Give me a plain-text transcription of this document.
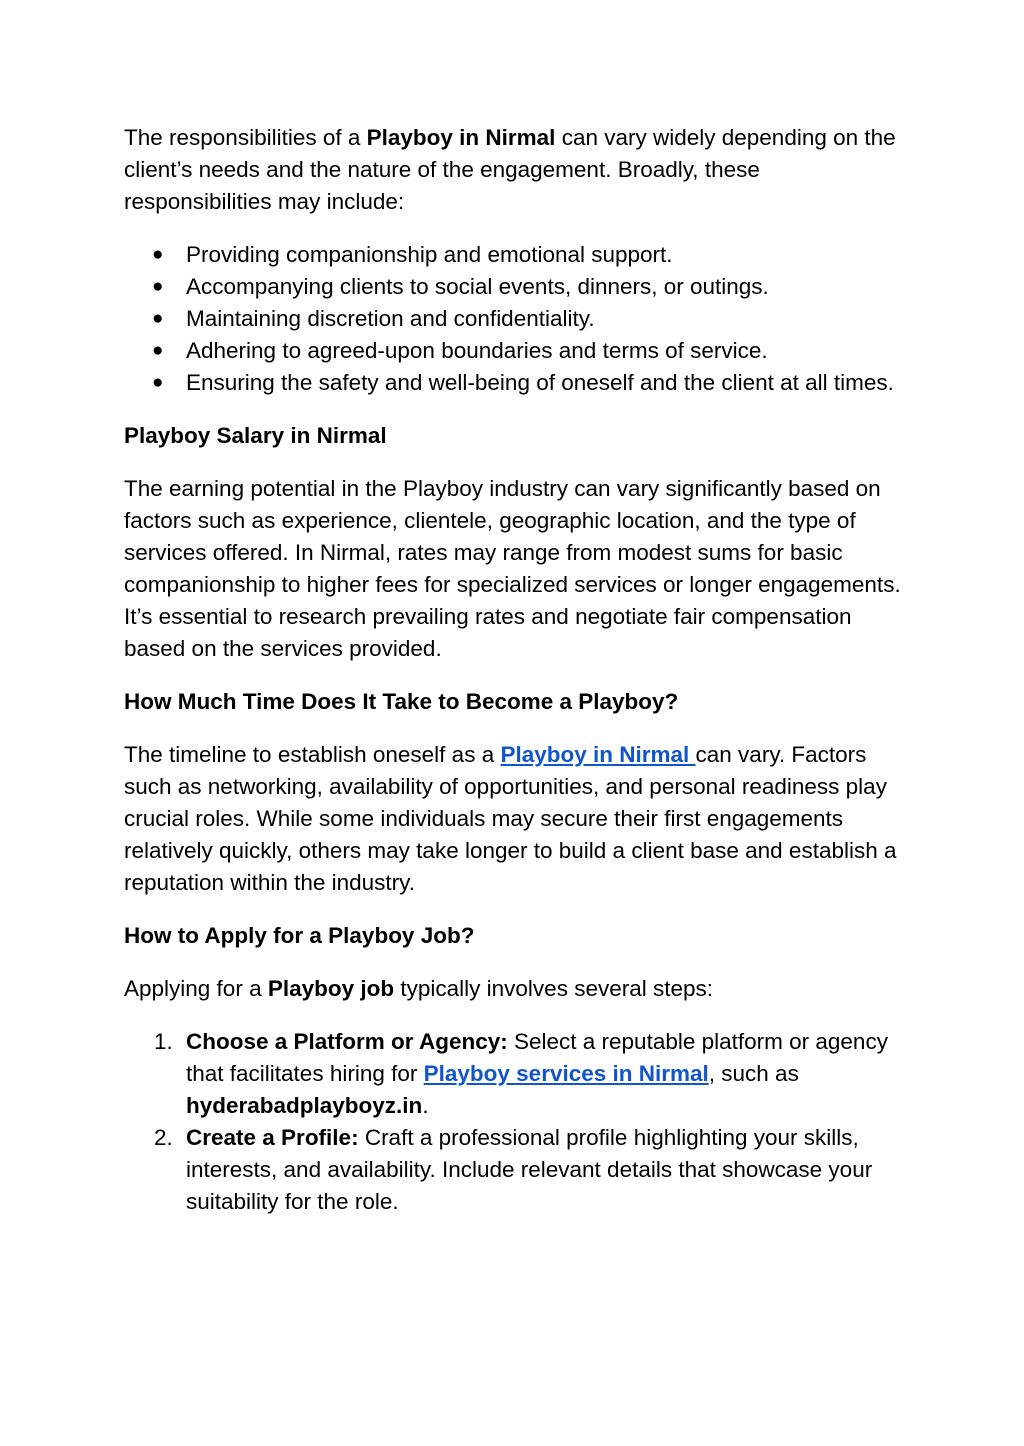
The responsibilities of a Playboy in Nirmal can vary widely depending on the client’s needs and the nature of the engagement. Broadly, these responsibilities may include:

● Providing companionship and emotional support.
● Accompanying clients to social events, dinners, or outings.
● Maintaining discretion and confidentiality.
● Adhering to agreed-upon boundaries and terms of service.
● Ensuring the safety and well-being of oneself and the client at all times.

Playboy Salary in Nirmal

The earning potential in the Playboy industry can vary significantly based on factors such as experience, clientele, geographic location, and the type of services offered. In Nirmal, rates may range from modest sums for basic companionship to higher fees for specialized services or longer engagements. It’s essential to research prevailing rates and negotiate fair compensation based on the services provided.

How Much Time Does It Take to Become a Playboy?

The timeline to establish oneself as a Playboy in Nirmal can vary. Factors such as networking, availability of opportunities, and personal readiness play crucial roles. While some individuals may secure their first engagements relatively quickly, others may take longer to build a client base and establish a reputation within the industry.

How to Apply for a Playboy Job?

Applying for a Playboy job typically involves several steps:

1. Choose a Platform or Agency: Select a reputable platform or agency that facilitates hiring for Playboy services in Nirmal, such as hyderabadplayboyz.in.
2. Create a Profile: Craft a professional profile highlighting your skills, interests, and availability. Include relevant details that showcase your suitability for the role.
